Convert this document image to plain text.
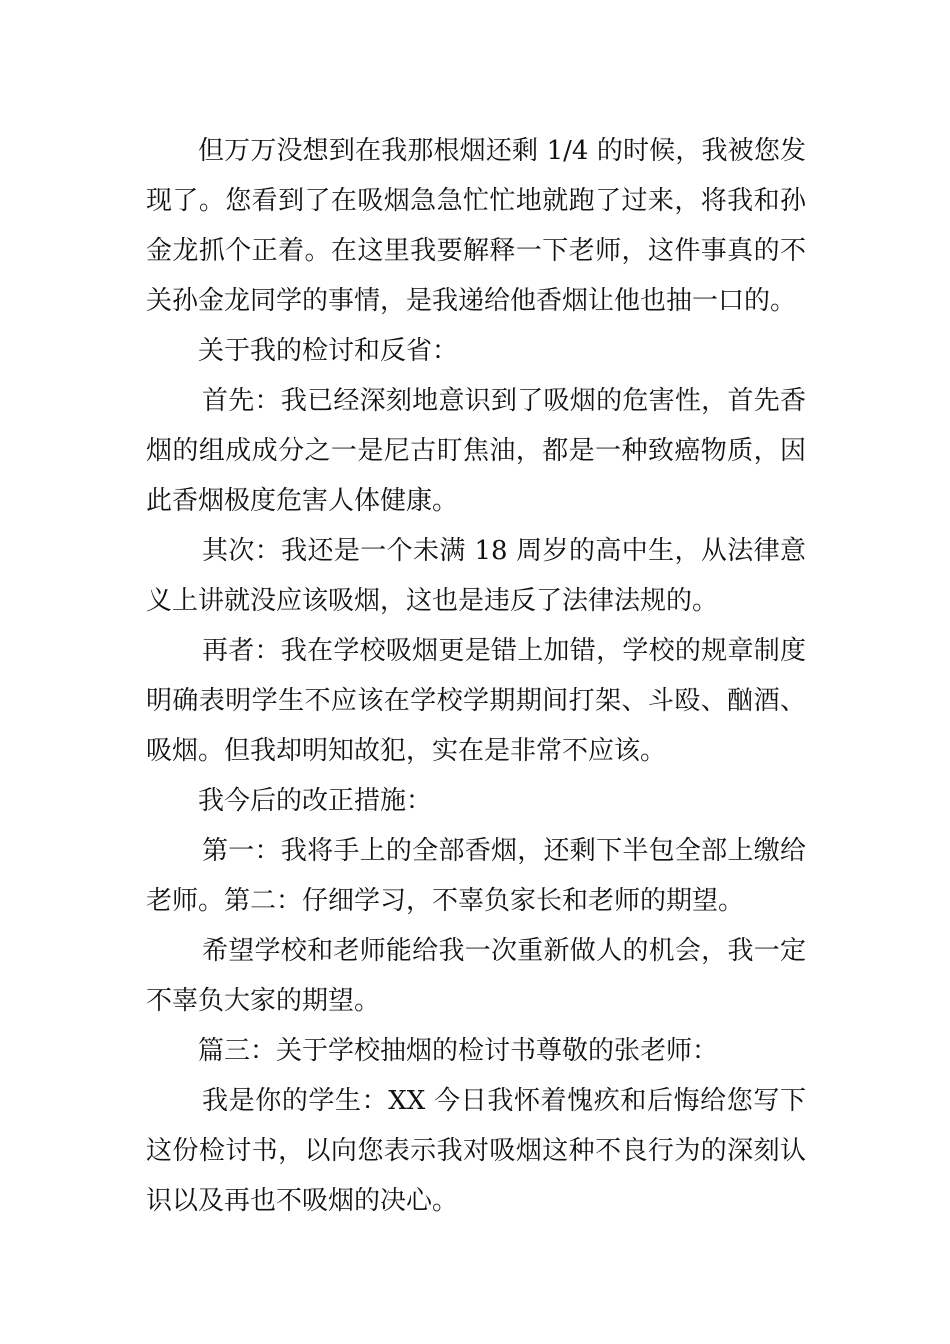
但万万没想到在我那根烟还剩 1/4 的时候，我被您发现了。您看到了在吸烟急急忙忙地就跑了过来，将我和孙金龙抓个正着。在这里我要解释一下老师，这件事真的不关孙金龙同学的事情，是我递给他香烟让他也抽一口的。

关于我的检讨和反省：

首先：我已经深刻地意识到了吸烟的危害性，首先香烟的组成成分之一是尼古盯焦油，都是一种致癌物质，因此香烟极度危害人体健康。

其次：我还是一个未满 18 周岁的高中生，从法律意义上讲就没应该吸烟，这也是违反了法律法规的。

再者：我在学校吸烟更是错上加错，学校的规章制度明确表明学生不应该在学校学期期间打架、斗殴、酗酒、吸烟。但我却明知故犯，实在是非常不应该。

我今后的改正措施：

第一：我将手上的全部香烟，还剩下半包全部上缴给老师。第二：仔细学习，不辜负家长和老师的期望。

希望学校和老师能给我一次重新做人的机会，我一定不辜负大家的期望。

篇三：关于学校抽烟的检讨书尊敬的张老师：

我是你的学生：XX 今日我怀着愧疚和后悔给您写下这份检讨书，以向您表示我对吸烟这种不良行为的深刻认识以及再也不吸烟的决心。
